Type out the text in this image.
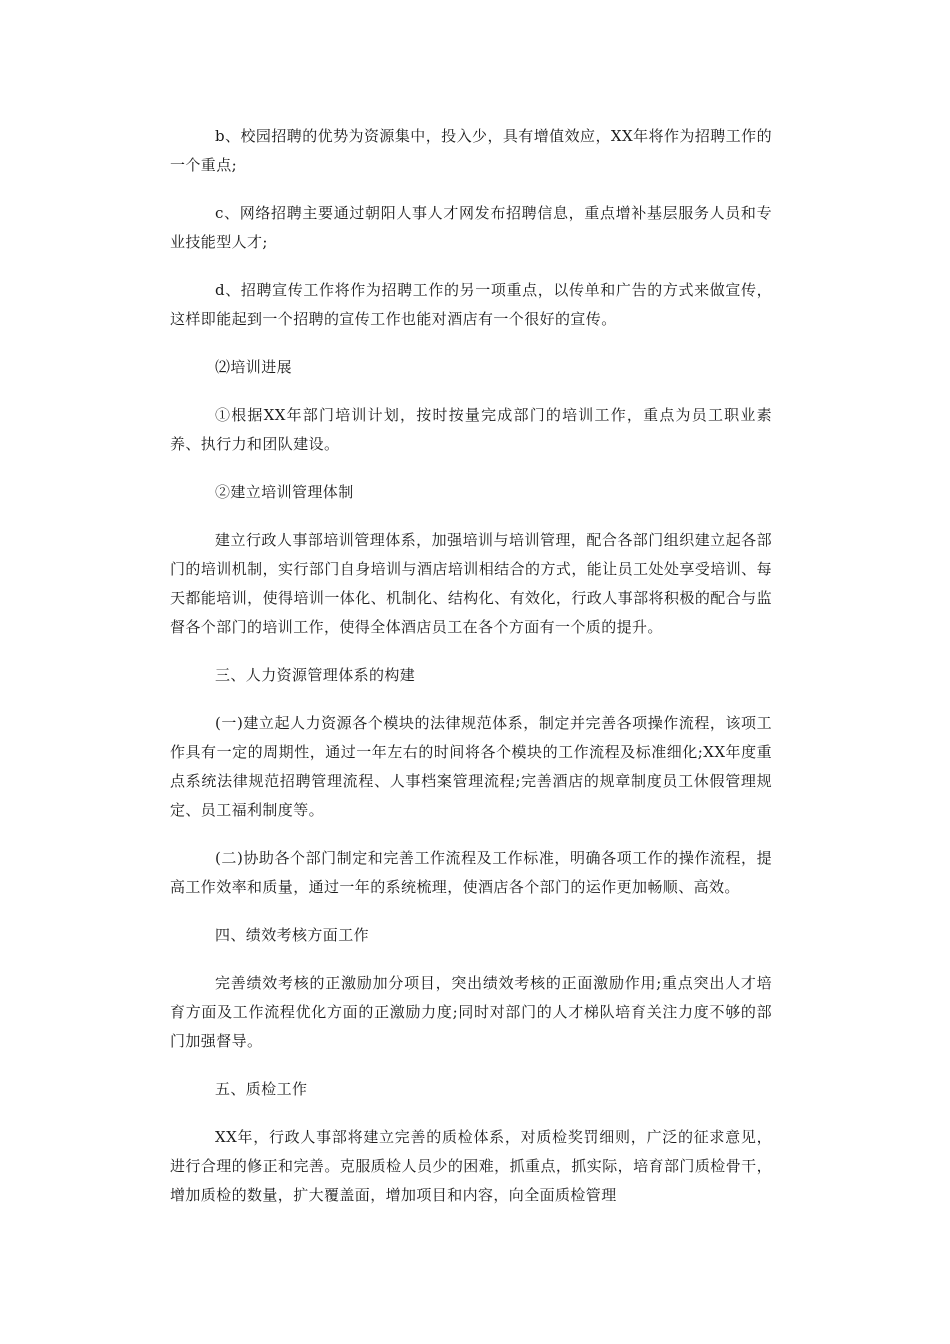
b、校园招聘的优势为资源集中，投入少，具有增值效应，XX年将作为招聘工作的一个重点;

c、网络招聘主要通过朝阳人事人才网发布招聘信息，重点增补基层服务人员和专业技能型人才;

d、招聘宣传工作将作为招聘工作的另一项重点，以传单和广告的方式来做宣传，这样即能起到一个招聘的宣传工作也能对酒店有一个很好的宣传。

⑵培训进展

①根据XX年部门培训计划，按时按量完成部门的培训工作，重点为员工职业素养、执行力和团队建设。

②建立培训管理体制

建立行政人事部培训管理体系，加强培训与培训管理，配合各部门组织建立起各部门的培训机制，实行部门自身培训与酒店培训相结合的方式，能让员工处处享受培训、每天都能培训，使得培训一体化、机制化、结构化、有效化，行政人事部将积极的配合与监督各个部门的培训工作，使得全体酒店员工在各个方面有一个质的提升。

三、人力资源管理体系的构建

(一)建立起人力资源各个模块的法律规范体系，制定并完善各项操作流程，该项工作具有一定的周期性，通过一年左右的时间将各个模块的工作流程及标准细化;XX年度重点系统法律规范招聘管理流程、人事档案管理流程;完善酒店的规章制度员工休假管理规定、员工福利制度等。

(二)协助各个部门制定和完善工作流程及工作标准，明确各项工作的操作流程，提高工作效率和质量，通过一年的系统梳理，使酒店各个部门的运作更加畅顺、高效。

四、绩效考核方面工作

完善绩效考核的正激励加分项目，突出绩效考核的正面激励作用;重点突出人才培育方面及工作流程优化方面的正激励力度;同时对部门的人才梯队培育关注力度不够的部门加强督导。

五、质检工作

XX年，行政人事部将建立完善的质检体系，对质检奖罚细则，广泛的征求意见，进行合理的修正和完善。克服质检人员少的困难，抓重点，抓实际，培育部门质检骨干，增加质检的数量，扩大覆盖面，增加项目和内容，向全面质检管理
